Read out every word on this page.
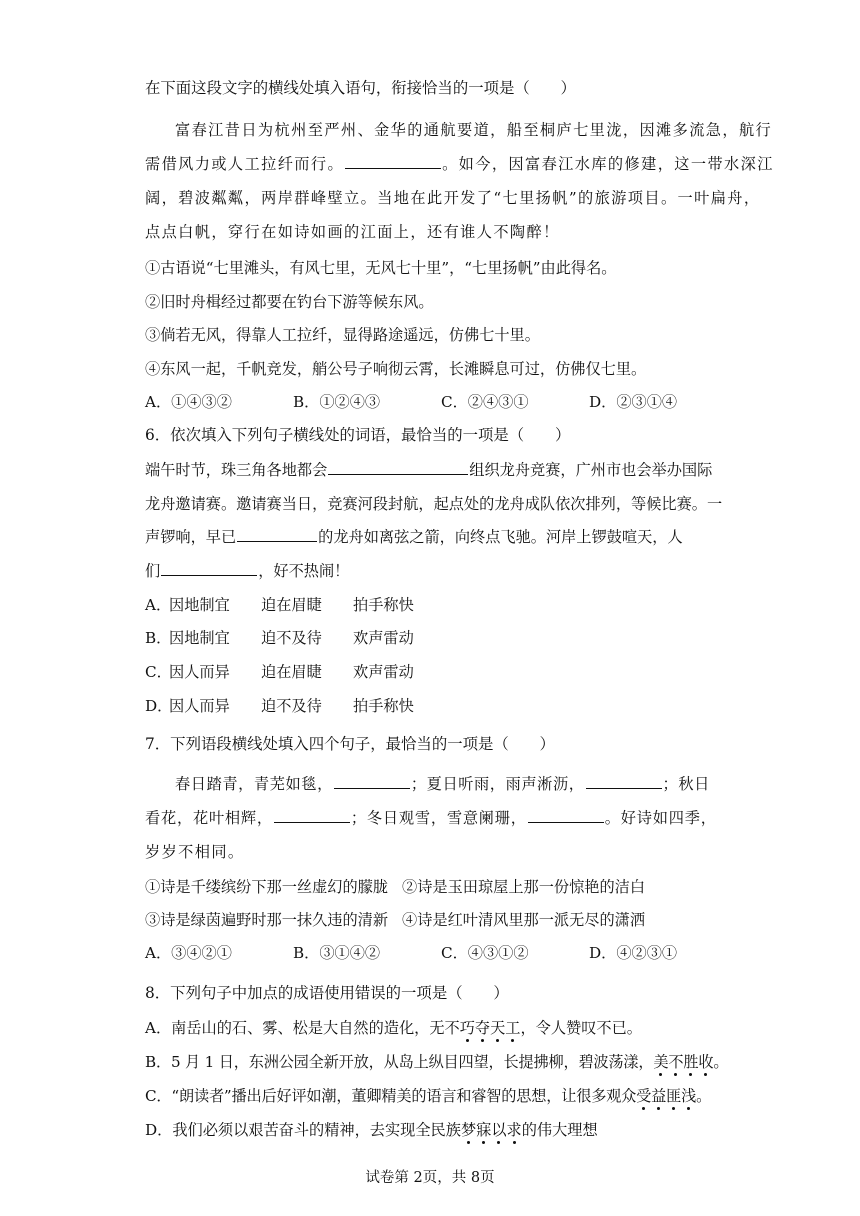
在下面这段文字的横线处填入语句，衔接恰当的一项是（　　）
富春江昔日为杭州至严州、金华的通航要道，船至桐庐七里泷，因滩多流急，航行
需借风力或人工拉纤而行。	。如今，因富春江水库的修建，这一带水深江
阔，碧波粼粼，两岸群峰壁立。当地在此开发了“七里扬帆”的旅游项目。一叶扁舟，
点点白帆，穿行在如诗如画的江面上，还有谁人不陶醉！
①古语说“七里滩头，有风七里，无风七十里”，“七里扬帆”由此得名。
②旧时舟楫经过都要在钓台下游等候东风。
③倘若无风，得靠人工拉纤，显得路途遥远，仿佛七十里。
④东风一起，千帆竞发，艄公号子响彻云霄，长滩瞬息可过，仿佛仅七里。
A．①④③②	B．①②④③	C．②④③①	D．②③①④
6．依次填入下列句子横线处的词语，最恰当的一项是（　　）
端午时节，珠三角各地都会	组织龙舟竞赛，广州市也会举办国际
龙舟邀请赛。邀请赛当日，竞赛河段封航，起点处的龙舟成队依次排列，等候比赛。一
声锣响，早已	的龙舟如离弦之箭，向终点飞驰。河岸上锣鼓喧天，人
们	，好不热闹！
A．因地制宜 迫在眉睫 拍手称快
B．因地制宜 迫不及待 欢声雷动
C．因人而异 迫在眉睫 欢声雷动
D．因人而异 迫不及待 拍手称快
7．下列语段横线处填入四个句子，最恰当的一项是（　　）
春日踏青，青芜如毯，	；夏日听雨，雨声淅沥，	；秋日
看花，花叶相辉，	；冬日观雪，雪意阑珊，	。好诗如四季，
岁岁不相同。
①诗是千缕缤纷下那一丝虚幻的朦胧 ②诗是玉田琼屋上那一份惊艳的洁白
③诗是绿茵遍野时那一抹久违的清新 ④诗是红叶清风里那一派无尽的潇洒
A．③④②①	B．③①④②	C．④③①②	D．④②③①
8．下列句子中加点的成语使用错误的一项是（　　）
A．南岳山的石、雾、松是大自然的造化，无不巧夺天工，令人赞叹不已。
B．5 月 1 日，东洲公园全新开放，从岛上纵目四望，长提拂柳，碧波荡漾，美不胜收。
C．“朗读者”播出后好评如潮，董卿精美的语言和睿智的思想，让很多观众受益匪浅。
D．我们必须以艰苦奋斗的精神，去实现全民族梦寐以求的伟大理想
试卷第 2页，共 8页
